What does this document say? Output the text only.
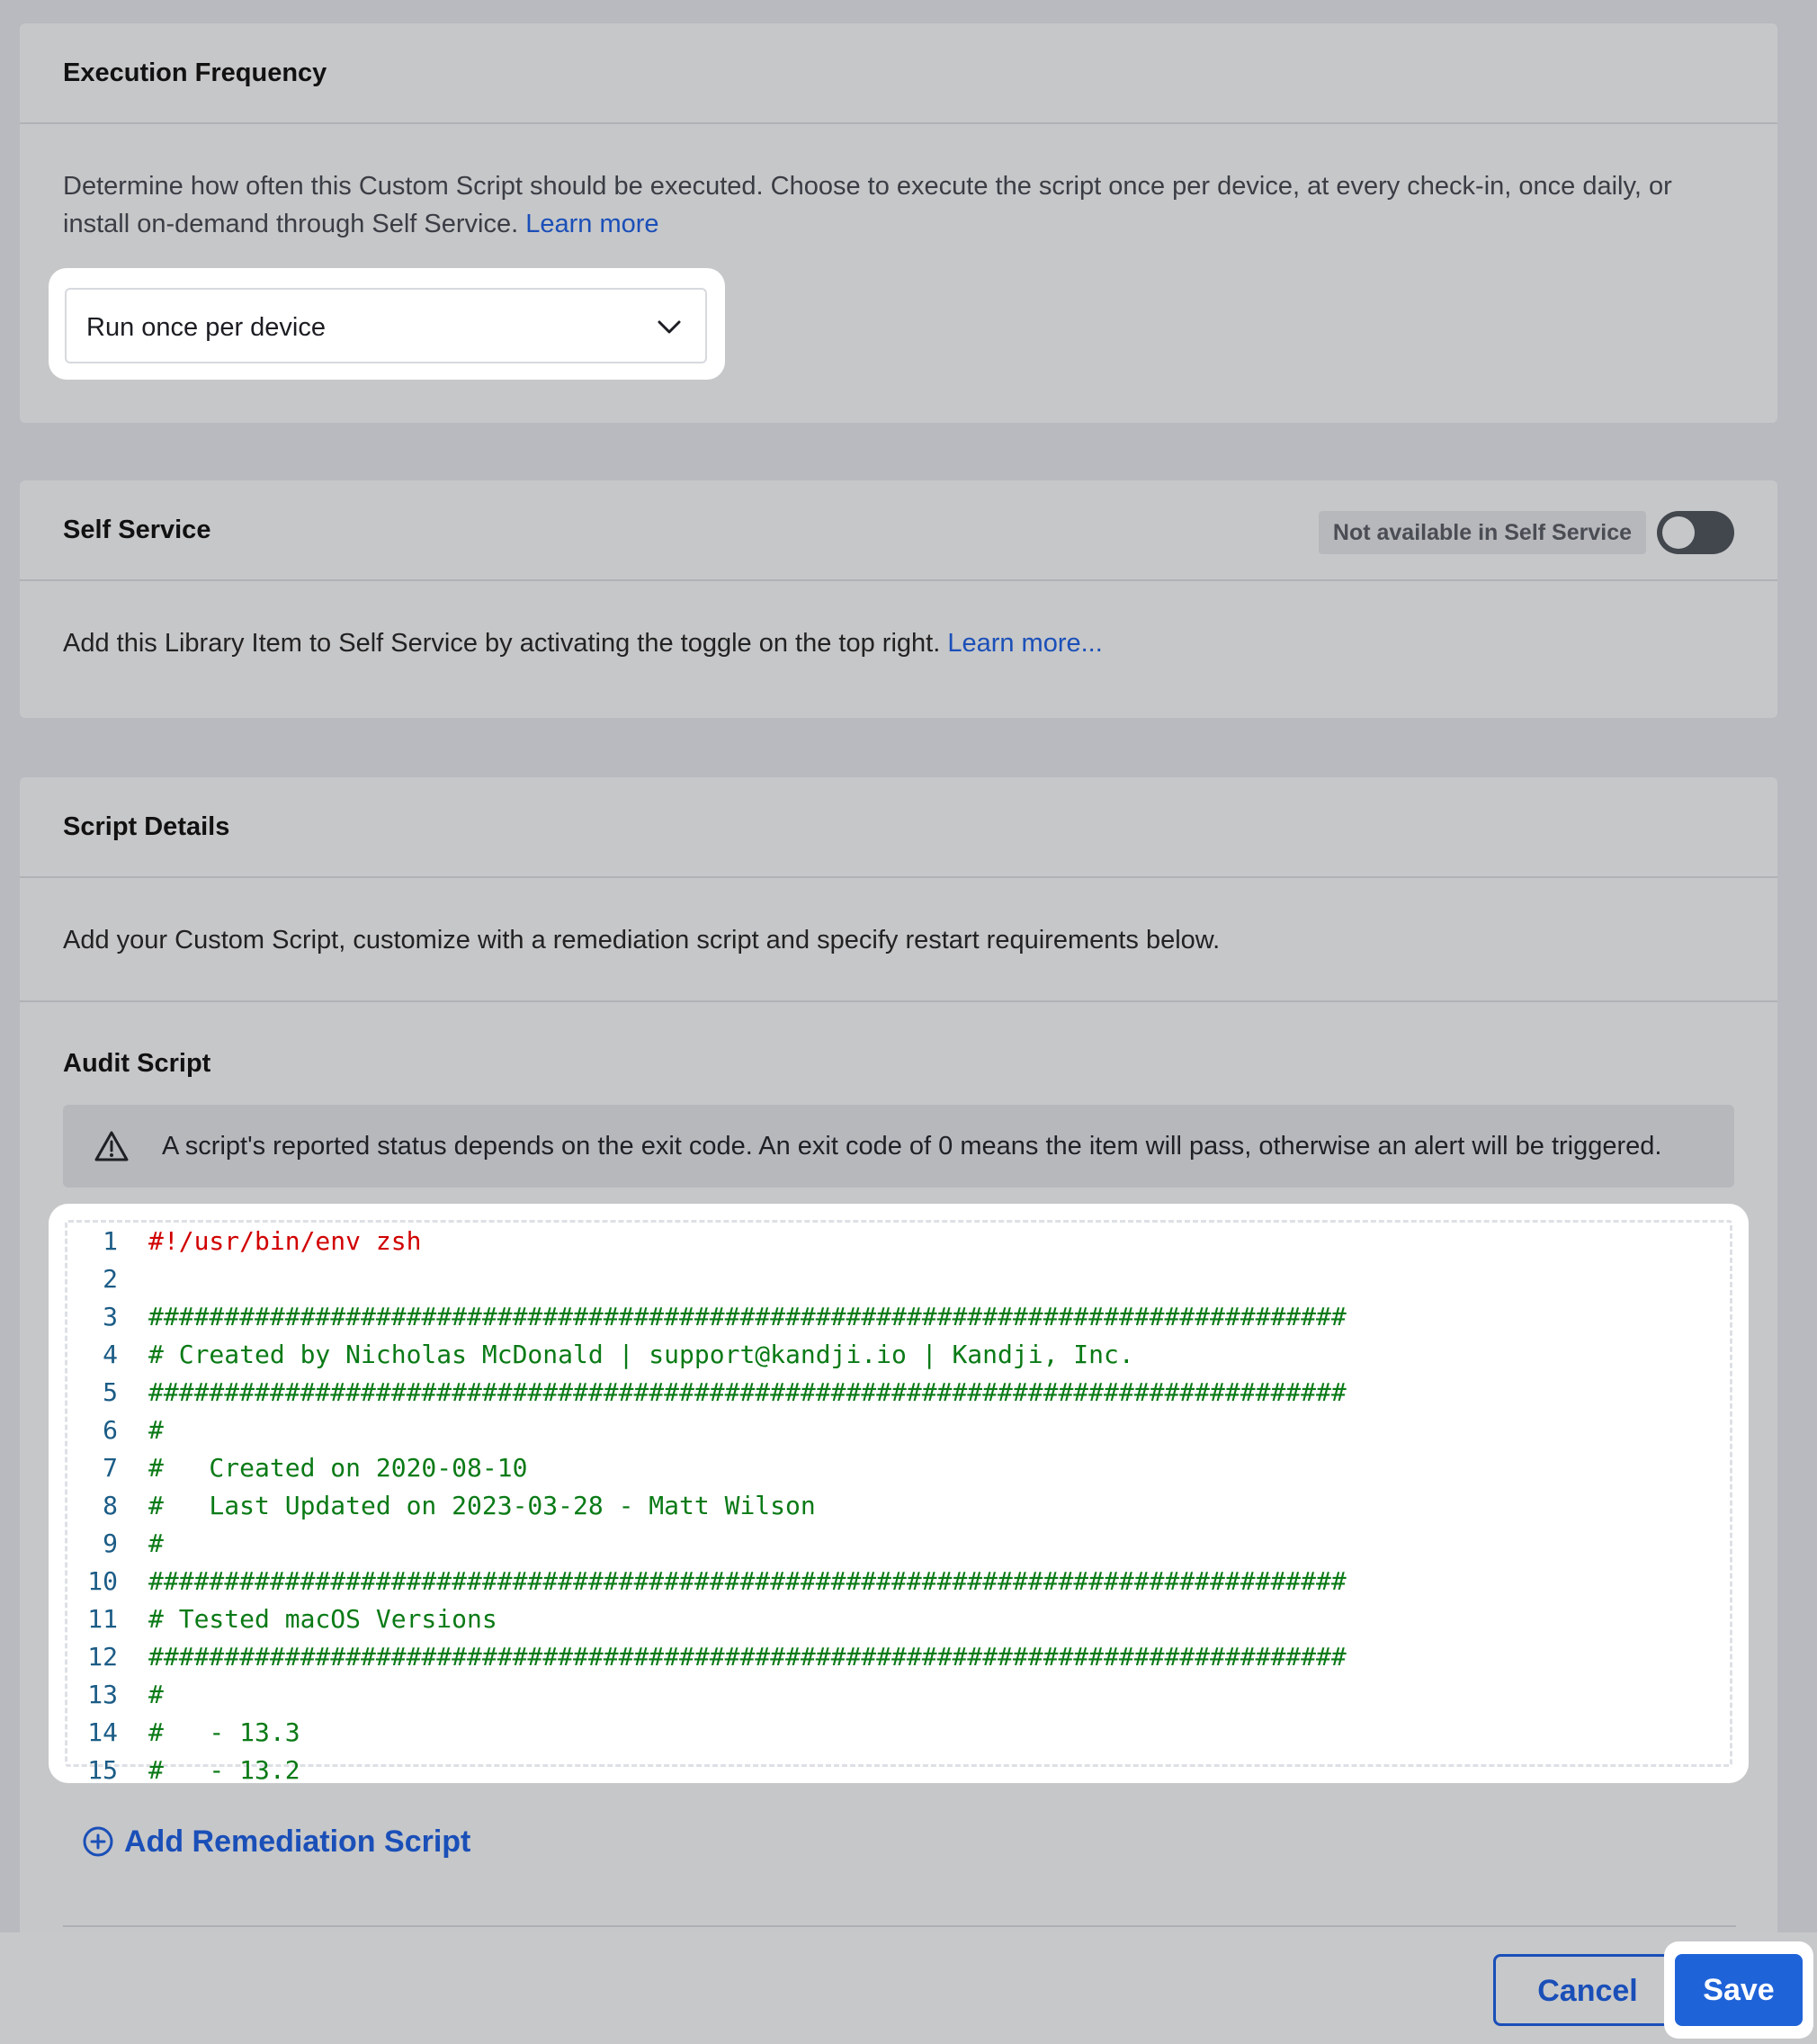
Execution Frequency
Determine how often this Custom Script should be executed. Choose to execute the script once per device, at every check-in, once daily, or install on-demand through Self Service. Learn more
Run once per device
Self Service	Not available in Self Service
Add this Library Item to Self Service by activating the toggle on the top right. Learn more...
Script Details
Add your Custom Script, customize with a remediation script and specify restart requirements below.
Audit Script
A script's reported status depends on the exit code. An exit code of 0 means the item will pass, otherwise an alert will be triggered.
1 #!/usr/bin/env zsh
2
3 ###############################################################################
4 # Created by Nicholas McDonald | support@kandji.io | Kandji, Inc.
5 ###############################################################################
6 #
7 #   Created on 2020-08-10
8 #   Last Updated on 2023-03-28 - Matt Wilson
9 #
10 ###############################################################################
11 # Tested macOS Versions
12 ###############################################################################
13 #
14 #   - 13.3
15 #   - 13.2
Add Remediation Script
Cancel	Save
